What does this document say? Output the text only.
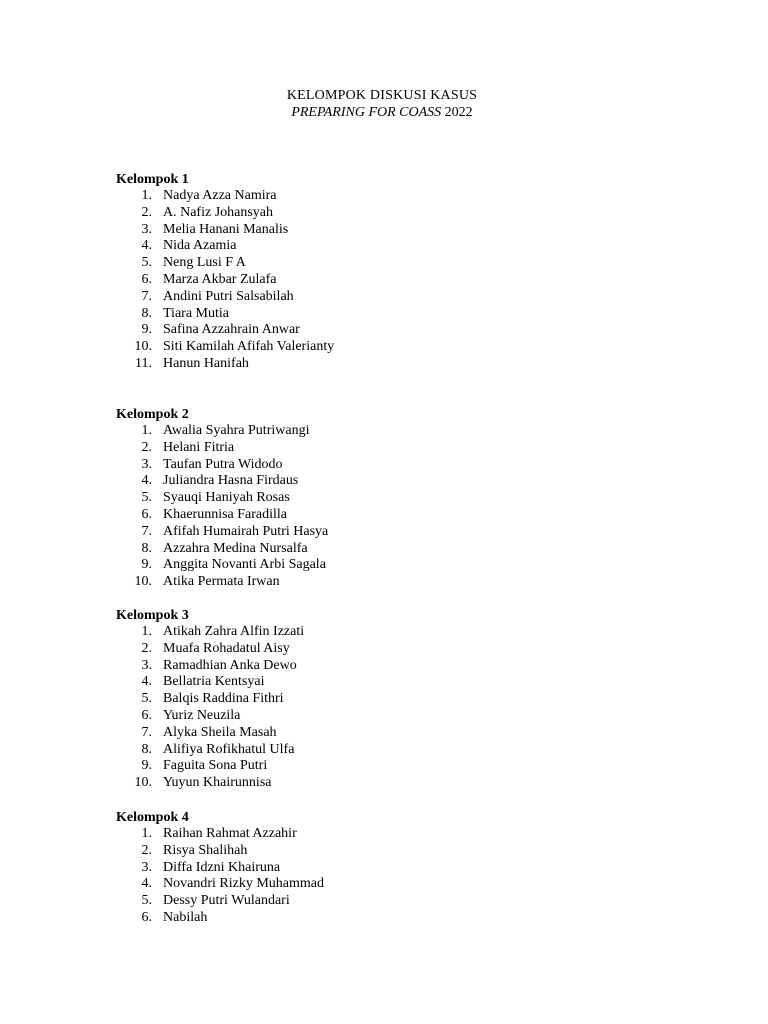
KELOMPOK DISKUSI KASUS

PREPARING FOR COASS 2022

Kelompok 1

1. Nadya Azza Namira
2. A. Nafiz Johansyah
3. Melia Hanani Manalis
4. Nida Azamia
5. Neng Lusi F A
6. Marza Akbar Zulafa
7. Andini Putri Salsabilah
8. Tiara Mutia
9. Safina Azzahrain Anwar
10. Siti Kamilah Afifah Valerianty
11. Hanun Hanifah

Kelompok 2

1. Awalia Syahra Putriwangi
2. Helani Fitria
3. Taufan Putra Widodo
4. Juliandra Hasna Firdaus
5. Syauqi Haniyah Rosas
6. Khaerunnisa Faradilla
7. Afifah Humairah Putri Hasya
8. Azzahra Medina Nursalfa
9. Anggita Novanti Arbi Sagala
10. Atika Permata Irwan

Kelompok 3

1. Atikah Zahra Alfin Izzati
2. Muafa Rohadatul Aisy
3. Ramadhian Anka Dewo
4. Bellatria Kentsyai
5. Balqis Raddina Fithri
6. Yuriz Neuzila
7. Alyka Sheila Masah
8. Alifiya Rofikhatul Ulfa
9. Faguita Sona Putri
10. Yuyun Khairunnisa

Kelompok 4

1. Raihan Rahmat Azzahir
2. Risya Shalihah
3. Diffa Idzni Khairuna
4. Novandri Rizky Muhammad
5. Dessy Putri Wulandari
6. Nabilah
